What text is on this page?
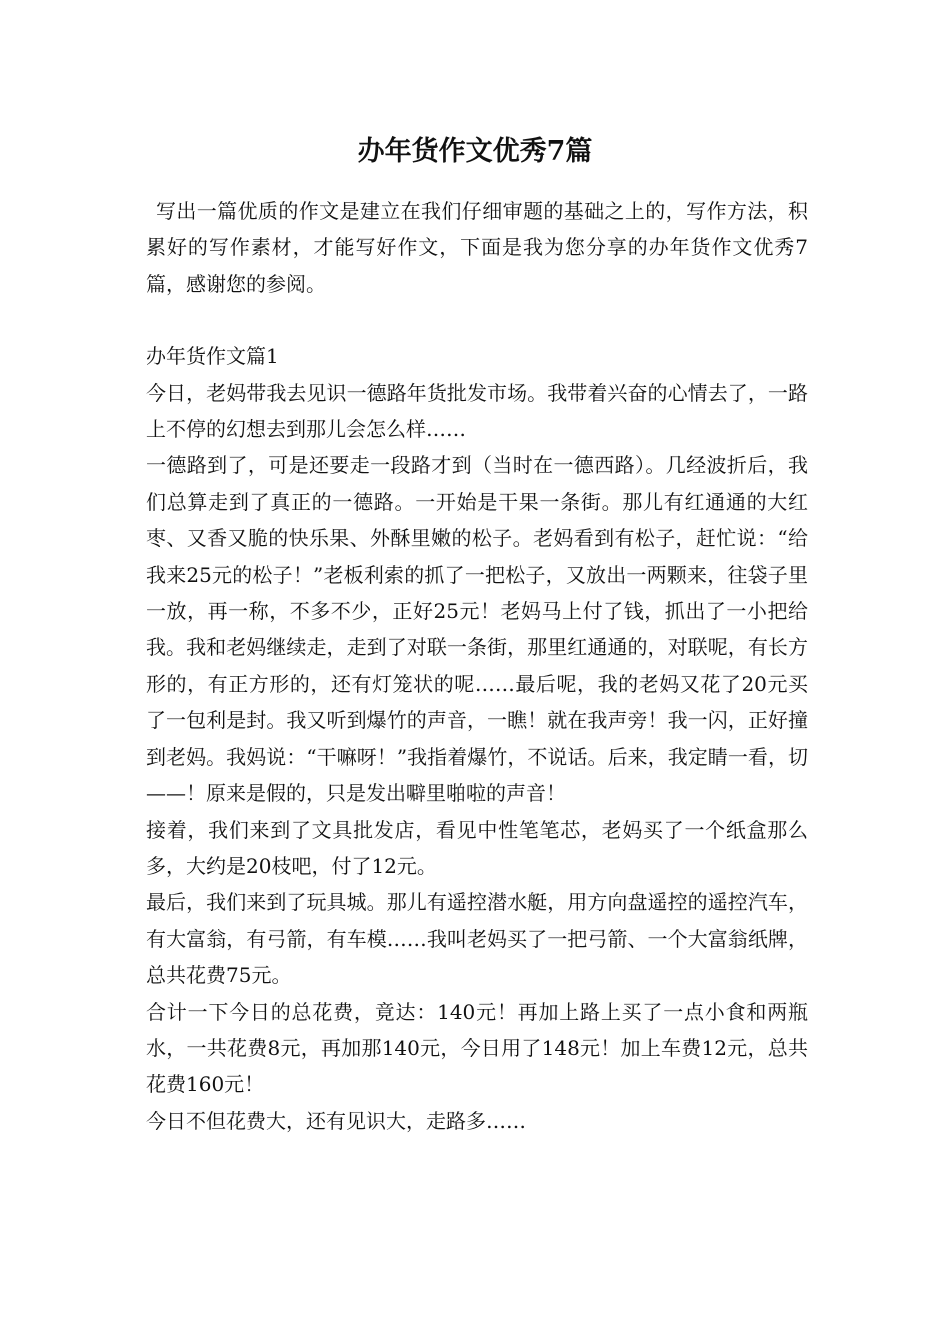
办年货作文优秀7篇

写出一篇优质的作文是建立在我们仔细审题的基础之上的，写作方法，积累好的写作素材，才能写好作文，下面是我为您分享的办年货作文优秀7篇，感谢您的参阅。

办年货作文篇1

今日，老妈带我去见识一德路年货批发市场。我带着兴奋的心情去了，一路上不停的幻想去到那儿会怎么样……

一德路到了，可是还要走一段路才到（当时在一德西路）。几经波折后，我们总算走到了真正的一德路。一开始是干果一条街。那儿有红通通的大红枣、又香又脆的快乐果、外酥里嫩的松子。老妈看到有松子，赶忙说：“给我来25元的松子！”老板利索的抓了一把松子，又放出一两颗来，往袋子里一放，再一称，不多不少，正好25元！老妈马上付了钱，抓出了一小把给我。我和老妈继续走，走到了对联一条街，那里红通通的，对联呢，有长方形的，有正方形的，还有灯笼状的呢……最后呢，我的老妈又花了20元买了一包利是封。我又听到爆竹的声音，一瞧！就在我声旁！我一闪，正好撞到老妈。我妈说：“干嘛呀！”我指着爆竹，不说话。后来，我定睛一看，切——！原来是假的，只是发出噼里啪啦的声音！

接着，我们来到了文具批发店，看见中性笔笔芯，老妈买了一个纸盒那么多，大约是20枝吧，付了12元。

最后，我们来到了玩具城。那儿有遥控潜水艇，用方向盘遥控的遥控汽车，有大富翁，有弓箭，有车模……我叫老妈买了一把弓箭、一个大富翁纸牌，总共花费75元。

合计一下今日的总花费，竟达：140元！再加上路上买了一点小食和两瓶水，一共花费8元，再加那140元，今日用了148元！加上车费12元，总共花费160元！

今日不但花费大，还有见识大，走路多……
